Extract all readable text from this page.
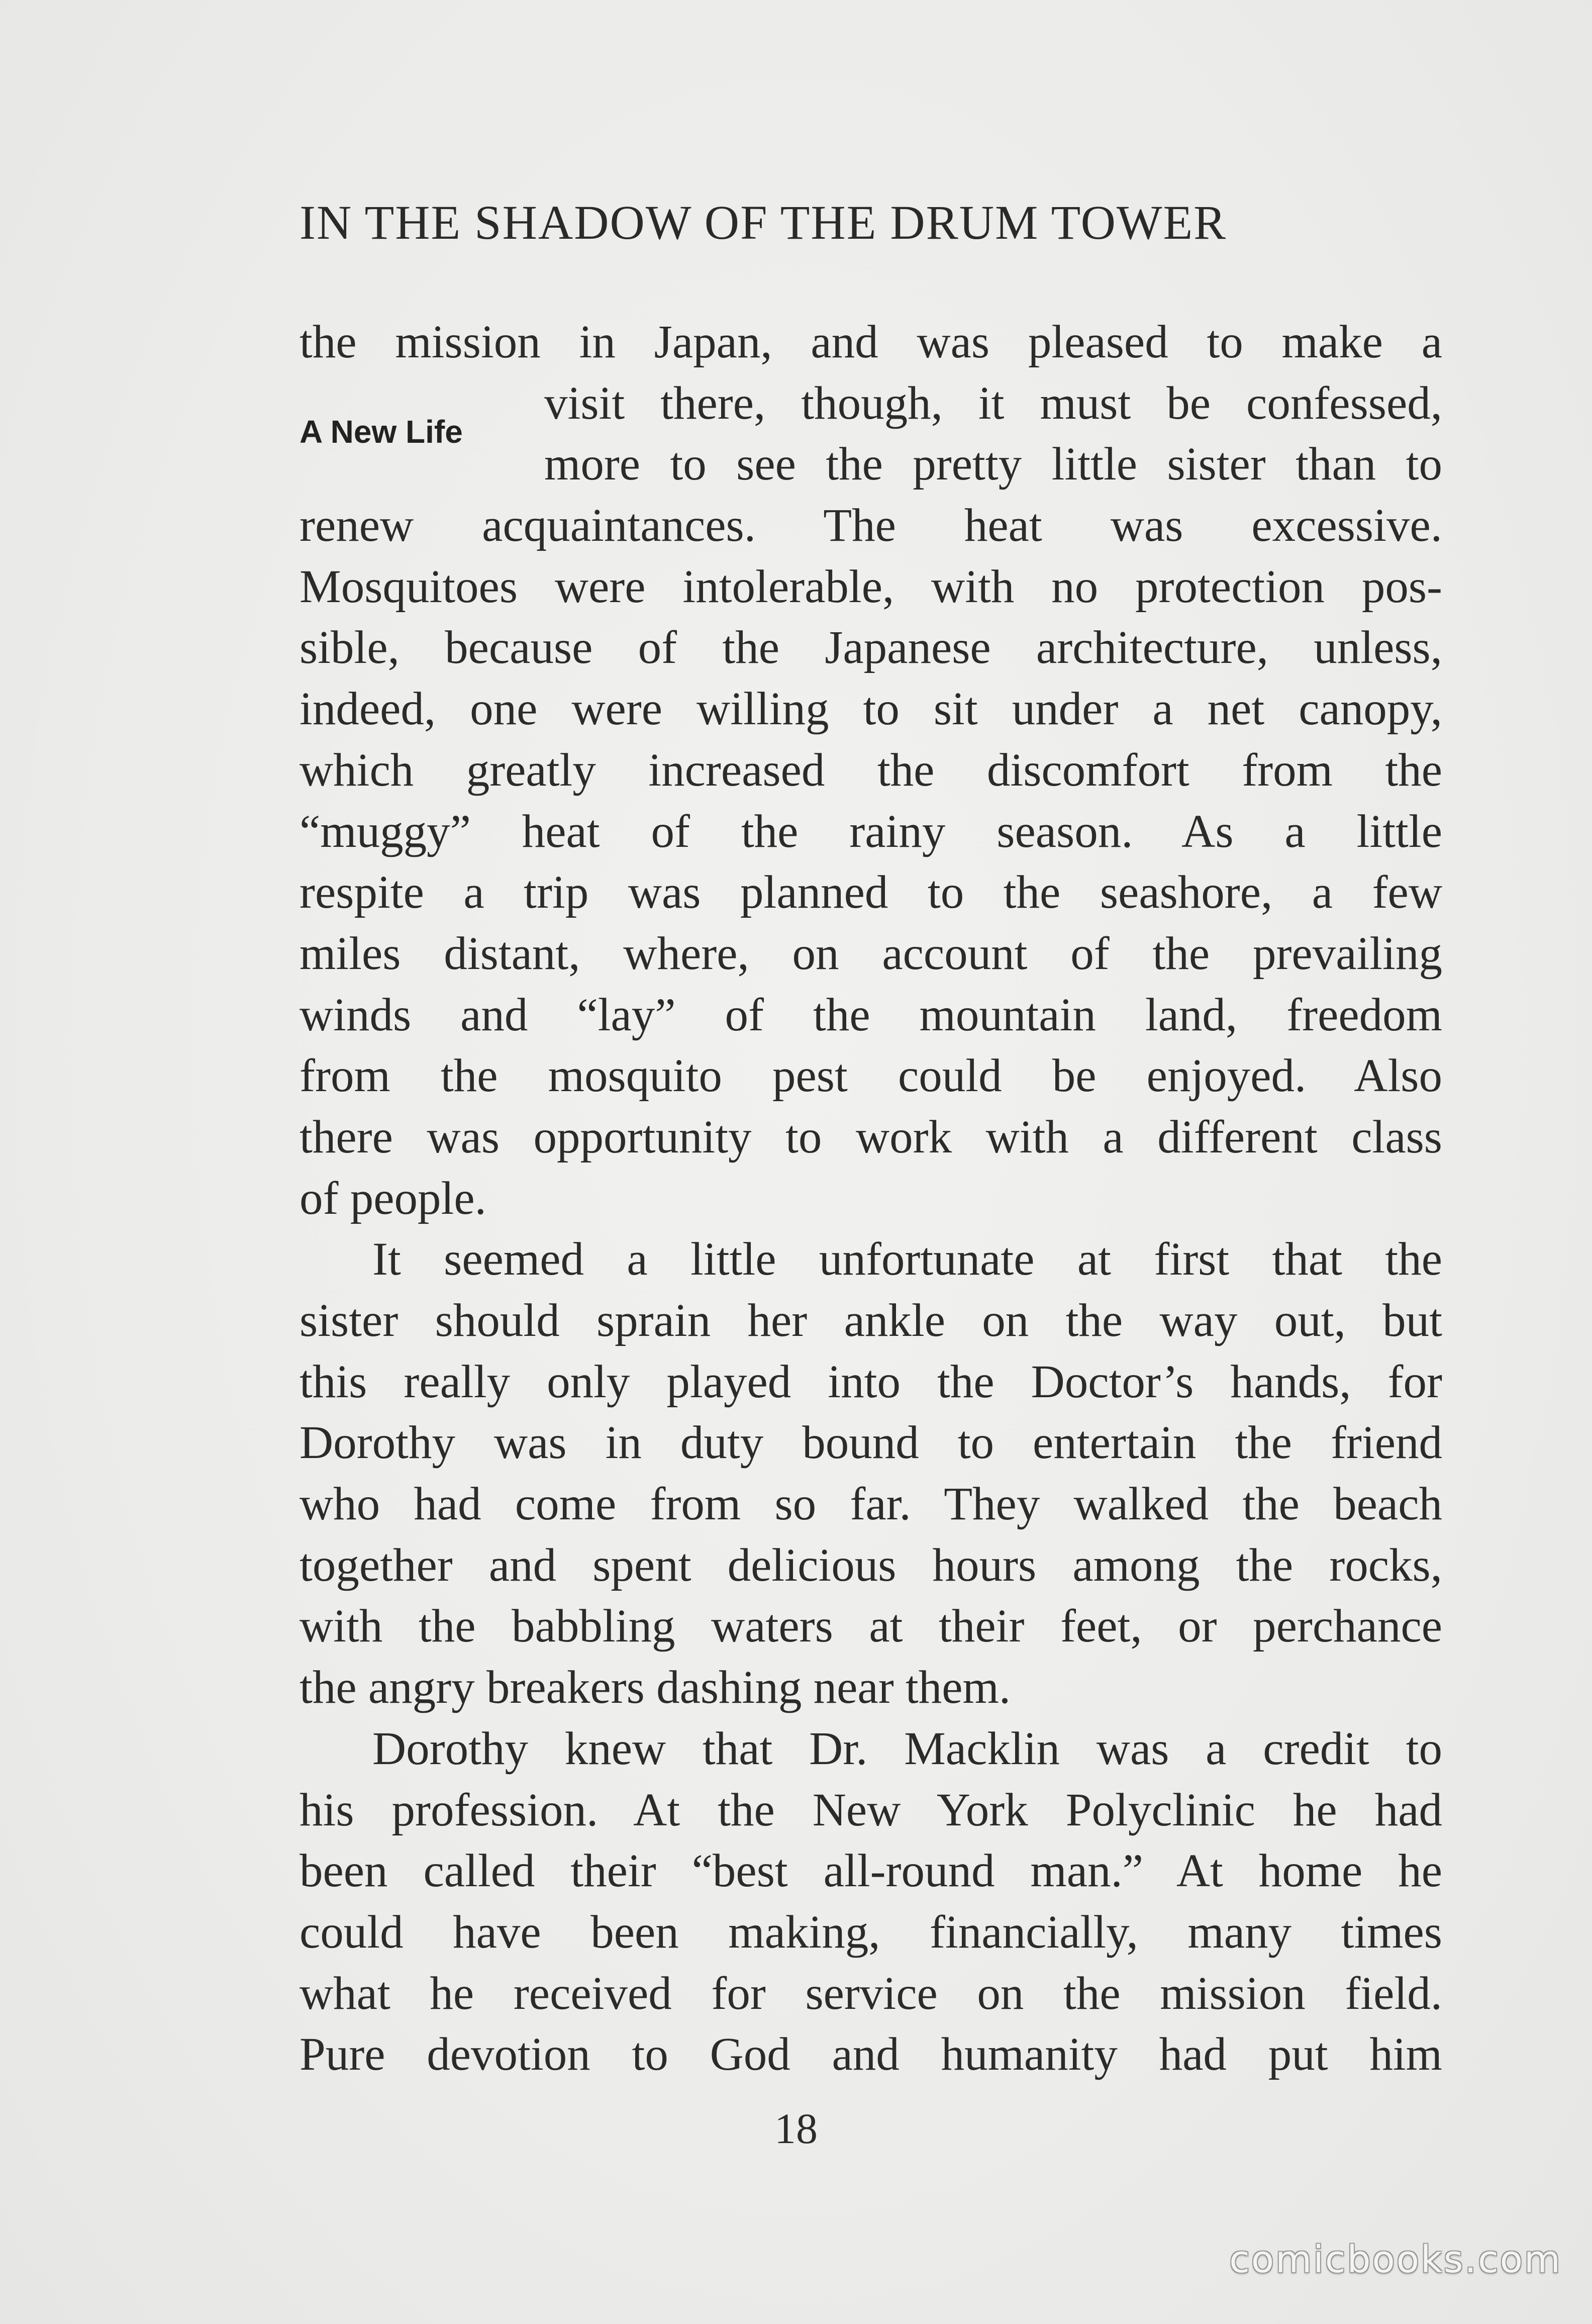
IN THE SHADOW OF THE DRUM TOWER
A New Life
the mission in Japan, and was pleased to make a
visit there, though, it must be confessed,
more to see the pretty little sister than to
renew acquaintances. The heat was excessive.
Mosquitoes were intolerable, with no protection pos-
sible, because of the Japanese architecture, unless,
indeed, one were willing to sit under a net canopy,
which greatly increased the discomfort from the
“muggy” heat of the rainy season. As a little
respite a trip was planned to the seashore, a few
miles distant, where, on account of the prevailing
winds and “lay” of the mountain land, freedom
from the mosquito pest could be enjoyed. Also
there was opportunity to work with a different class
of people.
It seemed a little unfortunate at first that the
sister should sprain her ankle on the way out, but
this really only played into the Doctor’s hands, for
Dorothy was in duty bound to entertain the friend
who had come from so far. They walked the beach
together and spent delicious hours among the rocks,
with the babbling waters at their feet, or perchance
the angry breakers dashing near them.
Dorothy knew that Dr. Macklin was a credit to
his profession. At the New York Polyclinic he had
been called their “best all-round man.” At home he
could have been making, financially, many times
what he received for service on the mission field.
Pure devotion to God and humanity had put him
18
comicbooks.com
